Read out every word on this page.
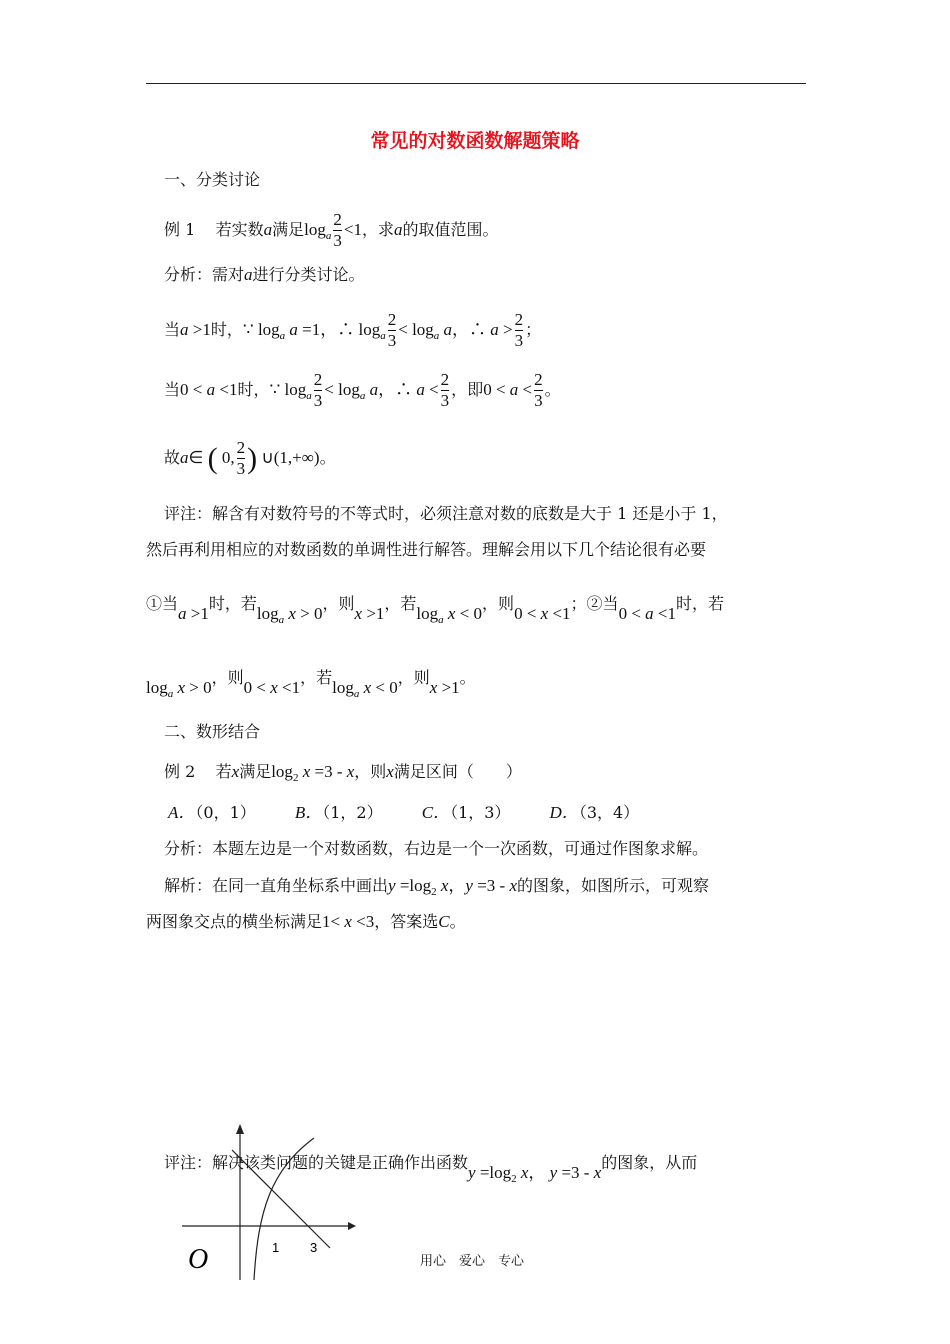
常见的对数函数解题策略
一、分类讨论
例 1 若实数a满足$\log_a \frac{2}{3} <1$，求a的取值范围。
分析：需对a进行分类讨论。
当a >1时，∵ $\log_a a =1$，∴ $\log_a \frac{2}{3} < \log_a a$，∴ $a > \frac{2}{3}$ ；
当0 < a <1时，∵ $\log_a \frac{2}{3} < \log_a a$，∴ $a < \frac{2}{3}$ ，即$0 < a < \frac{2}{3}$ 。
故a∈ ( 0, $\frac{2}{3}$ ) ∪(1,+∞)。
评注：解含有对数符号的不等式时，必须注意对数的底数是大于 1 还是小于 1，
然后再利用相应的对数函数的单调性进行解答。理解会用以下几个结论很有必要
①当a >1时，若$\log_a x > 0$，则x >1，若$\log_a x < 0$，则0 < x <1；②当0 < a <1时，若
$\log_a x > 0$，则0 < x <1，若$\log_a x < 0$，则x >1。
二、数形结合
例 2 若x满足$\log_2 x =3 - x$，则x满足区间（　　）
A．（0，1） B．（1，2） C．（1，3） D．（3，4）
分析：本题左边是一个对数函数，右边是一个一次函数，可通过作图象求解。
解析：在同一直角坐标系中画出$y =\log_2$ x，y =3 - x的图象，如图所示，可观察
两图象交点的横坐标满足1< x <3，答案选C。
评注：解决该类问题的关键是正确作出函数$y =\log_2$ x， y =3 - x的图象，从而
O	1 3
用心　爱心　专心
